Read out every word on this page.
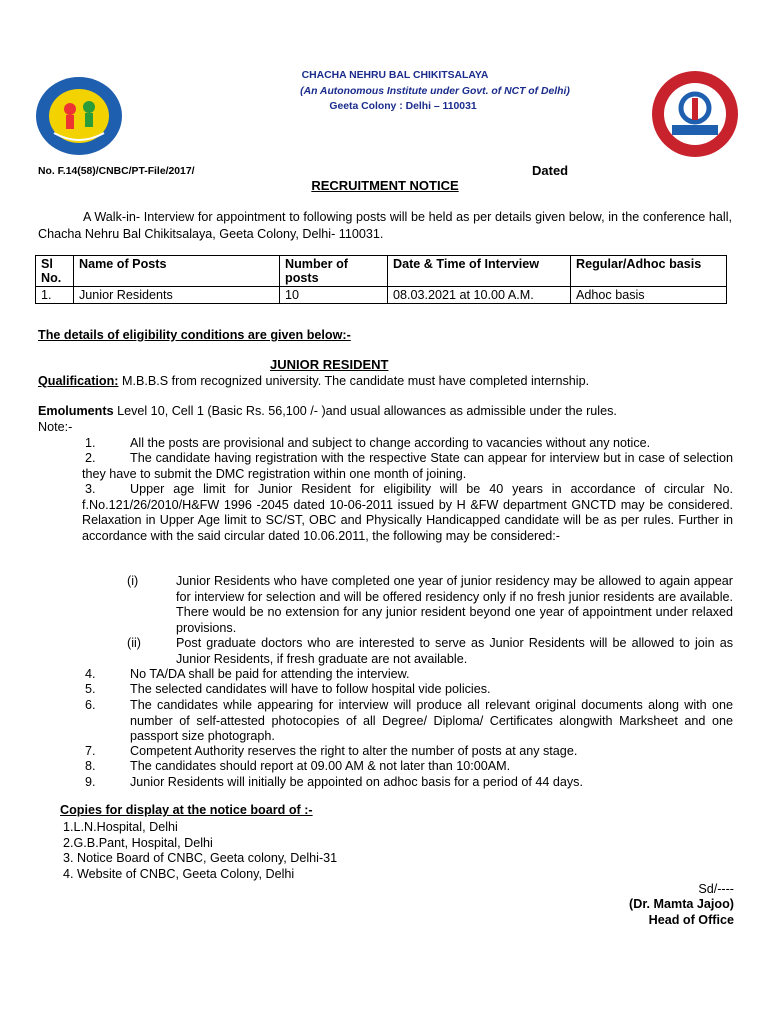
CHACHA NEHRU BAL CHIKITSALAYA
(An Autonomous Institute under Govt. of NCT of Delhi)
Geeta Colony : Delhi – 110031
No. F.14(58)/CNBC/PT-File/2017/	Dated
RECRUITMENT NOTICE
A Walk-in- Interview for appointment to following posts will be held as per details given below, in the conference hall, Chacha Nehru Bal Chikitsalaya, Geeta Colony, Delhi- 110031.
Sl No.	Name of Posts	Number of posts	Date & Time of Interview	Regular/Adhoc basis
1.	Junior Residents	10	08.03.2021 at 10.00 A.M.	Adhoc basis
The details of eligibility conditions are given below:-
JUNIOR RESIDENT
Qualification: M.B.B.S from recognized university. The candidate must have completed internship.
Emoluments Level 10, Cell 1 (Basic Rs. 56,100 /- )and usual allowances as admissible under the rules.
Note:-
1.	All the posts are provisional and subject to change according to vacancies without any notice.
2.	The candidate having registration with the respective State can appear for interview but in case of selection they have to submit the DMC registration within one month of joining.
3.	Upper age limit for Junior Resident for eligibility will be 40 years in accordance of circular No. f.No.121/26/2010/H&FW 1996 -2045 dated 10-06-2011 issued by H &FW department GNCTD may be considered. Relaxation in Upper Age limit to SC/ST, OBC and Physically Handicapped candidate will be as per rules. Further in accordance with the said circular dated 10.06.2011, the following may be considered:-
(i)	Junior Residents who have completed one year of junior residency may be allowed to again appear for interview for selection and will be offered residency only if no fresh junior residents are available. There would be no extension for any junior resident beyond one year of appointment under relaxed provisions.
(ii)	Post graduate doctors who are interested to serve as Junior Residents will be allowed to join as Junior Residents, if fresh graduate are not available.
4.	No TA/DA shall be paid for attending the interview.
5.	The selected candidates will have to follow hospital vide policies.
6.	The candidates while appearing for interview will produce all relevant original documents along with one number of self-attested photocopies of all Degree/ Diploma/ Certificates alongwith Marksheet and one passport size photograph.
7.	Competent Authority reserves the right to alter the number of posts at any stage.
8.	The candidates should report at 09.00 AM & not later than 10:00AM.
9.	Junior Residents will initially be appointed on adhoc basis for a period of 44 days.
Copies for display at the notice board of :-
1.L.N.Hospital, Delhi
2.G.B.Pant, Hospital, Delhi
3. Notice Board of CNBC, Geeta colony, Delhi-31
4. Website of CNBC, Geeta Colony, Delhi
Sd/----
(Dr. Mamta Jajoo)
Head of Office
